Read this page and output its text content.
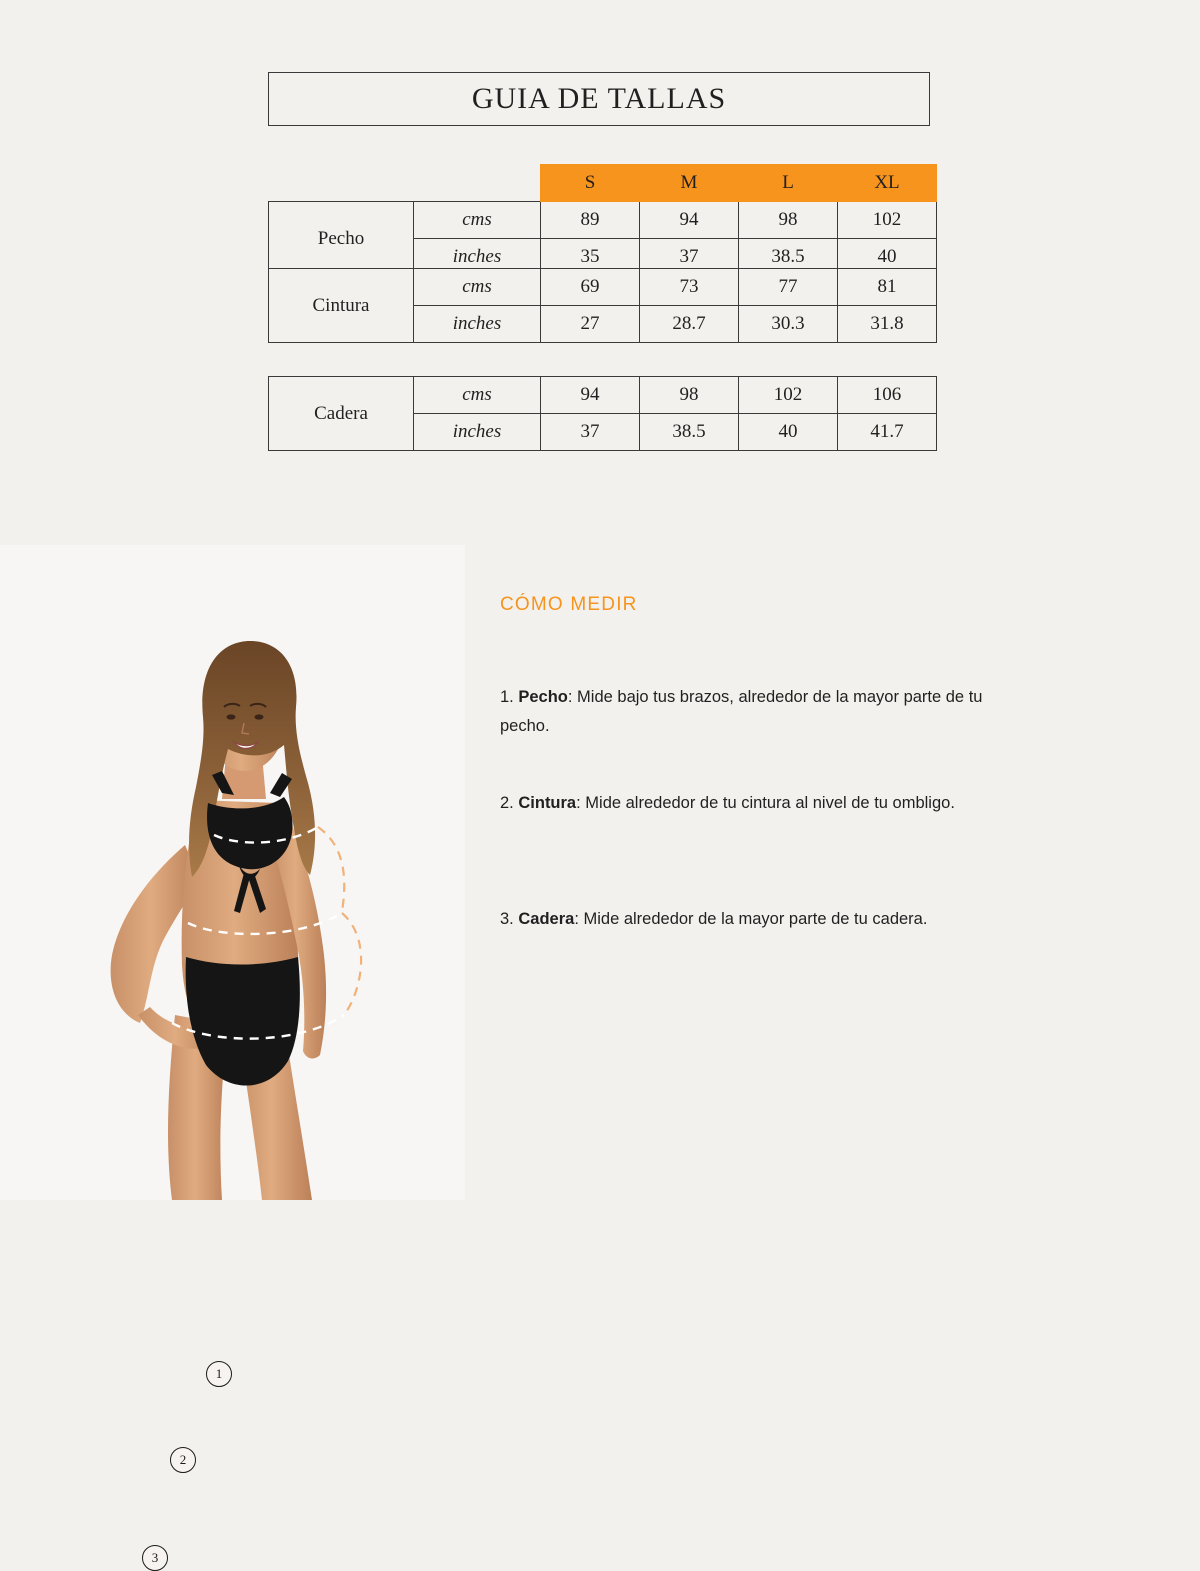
GUIA DE TALLAS
		S	M	L	XL
Pecho	cms	89	94	98	102
	inches	35	37	38.5	40
Cintura	cms	69	73	77	81
	inches	27	28.7	30.3	31.8
Cadera	cms	94	98	102	106
	inches	37	38.5	40	41.7
1
2
3
CÓMO MEDIR
1. Pecho: Mide bajo tus brazos, alrededor de la mayor parte de tu pecho.
2. Cintura: Mide alrededor de tu cintura al nivel de tu ombligo.
3. Cadera: Mide alrededor de la mayor parte de tu cadera.
